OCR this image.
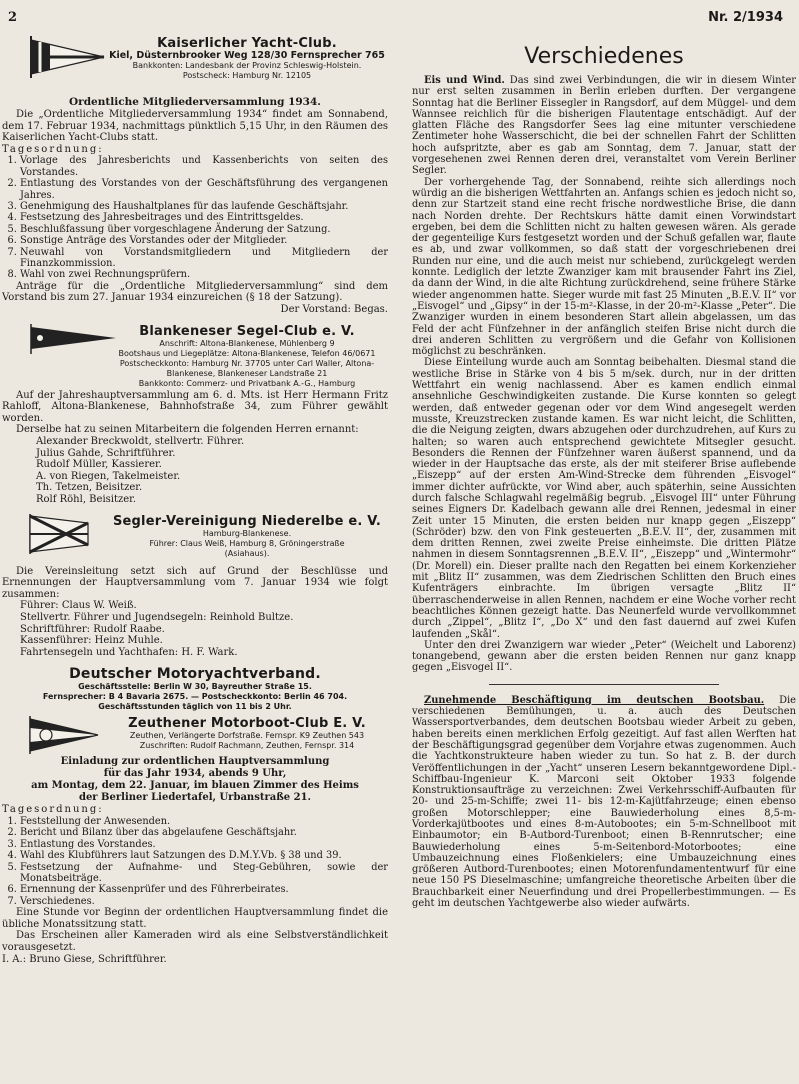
2	Nr. 2/1934
Kaiserlicher Yacht-Club.
Kiel, Düsternbrooker Weg 128/30 Fernsprecher 765
Bankkonten: Landesbank der Provinz Schleswig-Holstein.
Postscheck: Hamburg Nr. 12105
Ordentliche Mitgliederversammlung 1934.

Die „Ordentliche Mitgliederversammlung 1934“ findet am Sonnabend, dem 17. Februar 1934, nachmittags pünktlich 5,15 Uhr, in den Räumen des Kaiserlichen Yacht-Clubs statt.

Tagesordnung:

1. Vorlage des Jahresberichts und Kassenberichts von seiten des Vorstandes.
2. Entlastung des Vorstandes von der Geschäftsführung des vergangenen Jahres.
3. Genehmigung des Haushaltplanes für das laufende Geschäftsjahr.
4. Festsetzung des Jahresbeitrages und des Eintrittsgeldes.
5. Beschlußfassung über vorgeschlagene Änderung der Satzung.
6. Sonstige Anträge des Vorstandes oder der Mitglieder.
7. Neuwahl von Vorstandsmitgliedern und Mitgliedern der Finanzkommission.
8. Wahl von zwei Rechnungsprüfern.

Anträge für die „Ordentliche Mitgliederversammlung“ sind dem Vorstand bis zum 27. Januar 1934 einzureichen (§ 18 der Satzung).

Der Vorstand: Begas.

Blankeneser Segel-Club e. V.
Anschrift: Altona-Blankenese, Mühlenberg 9
Bootshaus und Liegeplätze: Altona-Blankenese, Telefon 46/0671
Postscheckkonto: Hamburg Nr. 37705 unter Carl Waller, Altona-
Blankenese, Blankeneser Landstraße 21
Bankkonto: Commerz- und Privatbank A.-G., Hamburg

Auf der Jahreshauptversammlung am 6. d. Mts. ist Herr Hermann Fritz Rahloff, Altona-Blankenese, Bahnhofstraße 34, zum Führer gewählt worden.

Derselbe hat zu seinen Mitarbeitern die folgenden Herren ernannt:

Alexander Breckwoldt, stellvertr. Führer.
Julius Gahde, Schriftführer.
Rudolf Müller, Kassierer.
A. von Riegen, Takelmeister.
Th. Tetzen, Beisitzer.
Rolf Röhl, Beisitzer.
Segler-Vereinigung Niederelbe e. V.
Hamburg-Blankenese.
Führer: Claus Weiß, Hamburg 8, Gröningerstraße
(Asiahaus).

Die Vereinsleitung setzt sich auf Grund der Beschlüsse und Ernennungen der Hauptversammlung vom 7. Januar 1934 wie folgt zusammen:

Führer: Claus W. Weiß.
Stellvertr. Führer und Jugendsegeln: Reinhold Bultze.
Schriftführer: Rudolf Raabe.
Kassenführer: Heinz Muhle.
Fahrtensegeln und Yachthafen: H. F. Wark.
Deutscher Motoryachtverband.
Geschäftsstelle: Berlin W 30, Bayreuther Straße 15.
Fernsprecher: B 4 Bavaria 2675. — Postscheckkonto: Berlin 46 704.
Geschäftsstunden täglich von 11 bis 2 Uhr.
Zeuthener Motorboot-Club E. V.
Zeuthen, Verlängerte Dorfstraße. Fernspr. K9 Zeuthen 543
Zuschriften: Rudolf Rachmann, Zeuthen, Fernspr. 314
Einladung zur ordentlichen Hauptversammlung
für das Jahr 1934, abends 9 Uhr,
am Montag, dem 22. Januar, im blauen Zimmer des Heims
der Berliner Liedertafel, Urbanstraße 21.

Tagesordnung:

1. Feststellung der Anwesenden.
2. Bericht und Bilanz über das abgelaufene Geschäftsjahr.
3. Entlastung des Vorstandes.
4. Wahl des Klubführers laut Satzungen des D.M.Y.Vb. § 38 und 39.
5. Festsetzung der Aufnahme- und Steg-Gebühren, sowie der Monatsbeiträge.
6. Ernennung der Kassenprüfer und des Führerbeirates.
7. Verschiedenes.

Eine Stunde vor Beginn der ordentlichen Hauptversammlung findet die übliche Monatssitzung statt.

Das Erscheinen aller Kameraden wird als eine Selbstverständlichkeit vorausgesetzt.

I. A.: Bruno Giese, Schriftführer.

Verschiedenes

Eis und Wind. Das sind zwei Verbindungen, die wir in diesem Winter nur erst selten zusammen in Berlin erleben durften. Der vergangene Sonntag hat die Berliner Eissegler in Rangsdorf, auf dem Müggel- und dem Wannsee reichlich für die bisherigen Flautentage entschädigt. Auf der glatten Fläche des Rangsdorfer Sees lag eine mitunter verschiedene Zentimeter hohe Wasserschicht, die bei der schnellen Fahrt der Schlitten hoch aufspritzte, aber es gab am Sonntag, dem 7. Januar, statt der vorgesehenen zwei Rennen deren drei, veranstaltet vom Verein Berliner Segler.

Der vorhergehende Tag, der Sonnabend, reihte sich allerdings noch würdig an die bisherigen Wettfahrten an. Anfangs schien es jedoch nicht so, denn zur Startzeit stand eine recht frische nordwestliche Brise, die dann nach Norden drehte. Der Rechtskurs hätte damit einen Vorwindstart ergeben, bei dem die Schlitten nicht zu halten gewesen wären. Als gerade der gegenteilige Kurs festgesetzt worden und der Schuß gefallen war, flaute es ab, und zwar vollkommen, so daß statt der vorgeschriebenen drei Runden nur eine, und die auch meist nur schiebend, zurückgelegt werden konnte. Lediglich der letzte Zwanziger kam mit brausender Fahrt ins Ziel, da dann der Wind, in die alte Richtung zurückdrehend, seine frühere Stärke wieder angenommen hatte. Sieger wurde mit fast 25 Minuten „B.E.V. II“ vor „Eisvogel“ und „Gipsy“ in der 15-m²-Klasse, in der 20-m²-Klasse „Peter“. Die Zwanziger wurden in einem besonderen Start allein abgelassen, um das Feld der acht Fünfzehner in der anfänglich steifen Brise nicht durch die drei anderen Schlitten zu vergrößern und die Gefahr von Kollisionen möglichst zu beschränken.

Diese Einteilung wurde auch am Sonntag beibehalten. Diesmal stand die westliche Brise in Stärke von 4 bis 5 m/sek. durch, nur in der dritten Wettfahrt ein wenig nachlassend. Aber es kamen endlich einmal ansehnliche Geschwindigkeiten zustande. Die Kurse konnten so gelegt werden, daß entweder gegenan oder vor dem Wind angesegelt werden musste, Kreuzstrecken zustande kamen. Es war nicht leicht, die Schlitten, die die Neigung zeigten, dwars abzugehen oder durchzudrehen, auf Kurs zu halten; so waren auch entsprechend gewichtete Mitsegler gesucht. Besonders die Rennen der Fünfzehner waren äußerst spannend, und da wieder in der Hauptsache das erste, als der mit steiferer Brise auflebende „Eiszepp“ auf der ersten Am-Wind-Strecke dem führenden „Eisvogel“ immer dichter aufrückte, vor Wind aber, auch späterhin, seine Aussichten durch falsche Schlagwahl regelmäßig begrub. „Eisvogel III“ unter Führung seines Eigners Dr. Kadelbach gewann alle drei Rennen, jedesmal in einer Zeit unter 15 Minuten, die ersten beiden nur knapp gegen „Eiszepp“ (Schröder) bzw. den von Fink gesteuerten „B.E.V. II“, der, zusammen mit dem dritten Rennen, zwei zweite Preise einheimste. Die dritten Plätze nahmen in diesem Sonntagsrennen „B.E.V. II“, „Eiszepp“ und „Wintermohr“ (Dr. Morell) ein. Dieser prallte nach den Regatten bei einem Korkenzieher mit „Blitz II“ zusammen, was dem Ziedrischen Schlitten den Bruch eines Kufenträgers einbrachte. Im übrigen versagte „Blitz II“ überraschenderweise in allen Rennen, nachdem er eine Woche vorher recht beachtliches Können gezeigt hatte. Das Neunerfeld wurde vervollkommnet durch „Zippel“, „Blitz I“, „Do X“ und den fast dauernd auf zwei Kufen laufenden „Skål“.

Unter den drei Zwanzigern war wieder „Peter“ (Weichelt und Laborenz) tonangebend, gewann aber die ersten beiden Rennen nur ganz knapp gegen „Eisvogel II“.

Zunehmende Beschäftigung im deutschen Bootsbau. Die verschiedenen Bemühungen, u. a. auch des Deutschen Wassersportverbandes, dem deutschen Bootsbau wieder Arbeit zu geben, haben bereits einen merklichen Erfolg gezeitigt. Auf fast allen Werften hat der Beschäftigungsgrad gegenüber dem Vorjahre etwas zugenommen. Auch die Yachtkonstrukteure haben wieder zu tun. So hat z. B. der durch Veröffentlichungen in der „Yacht“ unseren Lesern bekanntgewordene Dipl.-Schiffbau-Ingenieur K. Marconi seit Oktober 1933 folgende Konstruktionsaufträge zu verzeichnen: Zwei Verkehrsschiff-Aufbauten für 20- und 25-m-Schiffe; zwei 11- bis 12-m-Kajütfahrzeuge; einen ebenso großen Motorschlepper; eine Bauwiederholung eines 8,5-m-Vorderkajütbootes und eines 8-m-Autobootes; ein 5-m-Schnellboot mit Einbaumotor; ein B-Autbord-Turenboot; einen B-Rennrutscher; eine Bauwiederholung eines 5-m-Seitenbord-Motorbootes; eine Umbauzeichnung eines Floßenkielers; eine Umbauzeichnung eines größeren Autbord-Turenbootes; einen Motorenfundamententwurf für eine neue 150 PS Dieselmaschine; umfangreiche theoretische Arbeiten über die Brauchbarkeit einer Neuerfindung und drei Propellerbestimmungen. — Es geht im deutschen Yachtgewerbe also wieder aufwärts.
